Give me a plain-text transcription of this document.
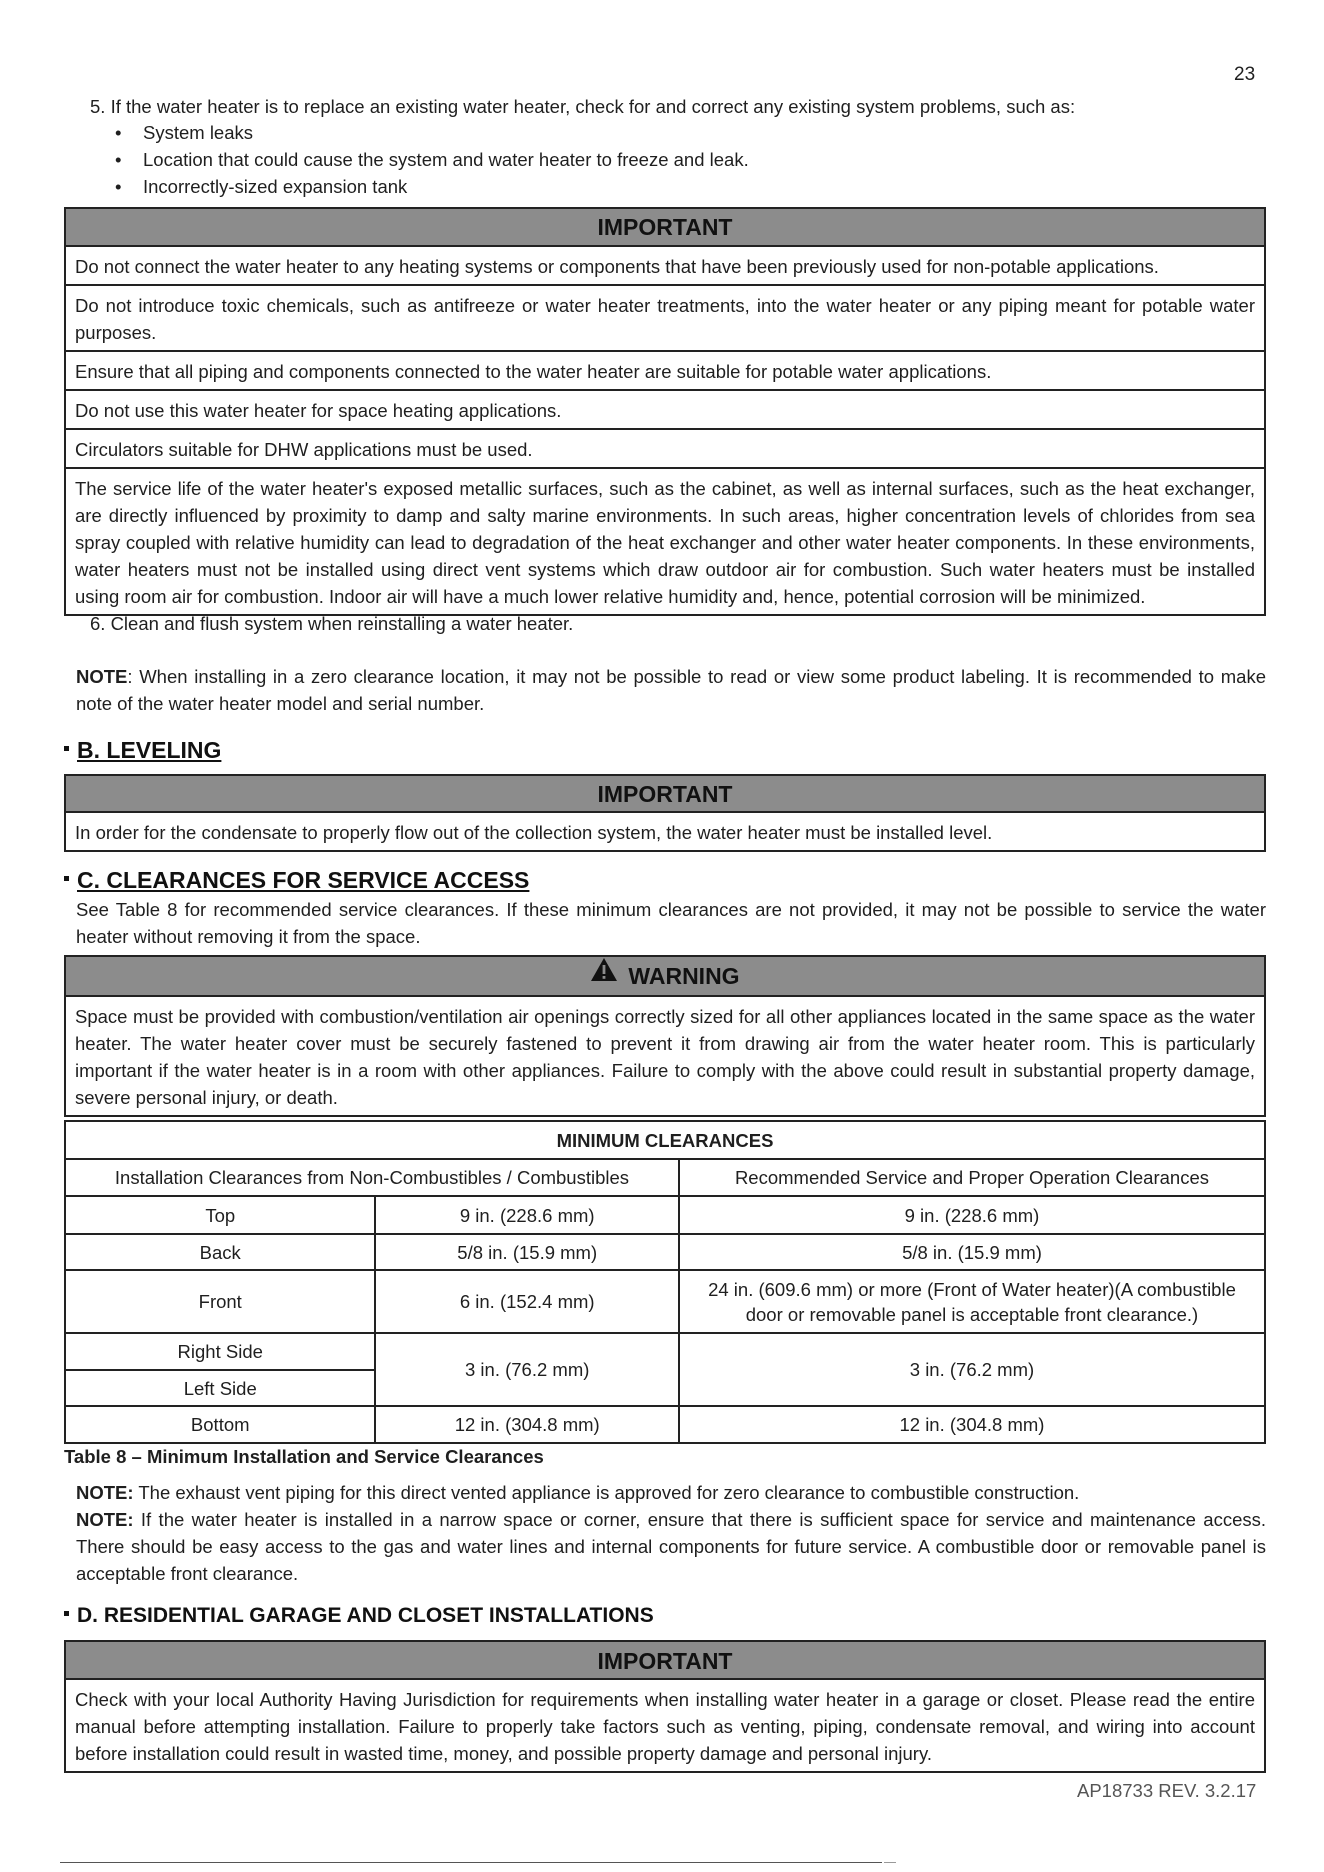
23
5. If the water heater is to replace an existing water heater, check for and correct any existing system problems, such as:
• System leaks
• Location that could cause the system and water heater to freeze and leak.
• Incorrectly-sized expansion tank
IMPORTANT
Do not connect the water heater to any heating systems or components that have been previously used for non-potable applications.
Do not introduce toxic chemicals, such as antifreeze or water heater treatments, into the water heater or any piping meant for potable water purposes.
Ensure that all piping and components connected to the water heater are suitable for potable water applications.
Do not use this water heater for space heating applications.
Circulators suitable for DHW applications must be used.
The service life of the water heater's exposed metallic surfaces, such as the cabinet, as well as internal surfaces, such as the heat exchanger, are directly influenced by proximity to damp and salty marine environments. In such areas, higher concentration levels of chlorides from sea spray coupled with relative humidity can lead to degradation of the heat exchanger and other water heater components. In these environments, water heaters must not be installed using direct vent systems which draw outdoor air for combustion. Such water heaters must be installed using room air for combustion. Indoor air will have a much lower relative humidity and, hence, potential corrosion will be minimized.
6. Clean and flush system when reinstalling a water heater.
NOTE: When installing in a zero clearance location, it may not be possible to read or view some product labeling. It is recommended to make note of the water heater model and serial number.
B. LEVELING
IMPORTANT
In order for the condensate to properly flow out of the collection system, the water heater must be installed level.
C. CLEARANCES FOR SERVICE ACCESS
See Table 8 for recommended service clearances. If these minimum clearances are not provided, it may not be possible to service the water heater without removing it from the space.
WARNING
Space must be provided with combustion/ventilation air openings correctly sized for all other appliances located in the same space as the water heater. The water heater cover must be securely fastened to prevent it from drawing air from the water heater room. This is particularly important if the water heater is in a room with other appliances. Failure to comply with the above could result in substantial property damage, severe personal injury, or death.
MINIMUM CLEARANCES		
Installation Clearances from Non-Combustibles / Combustibles		Recommended Service and Proper Operation Clearances
Top	9 in. (228.6 mm)	9 in. (228.6 mm)
Back	5/8 in. (15.9 mm)	5/8 in. (15.9 mm)
Front	6 in. (152.4 mm)	24 in. (609.6 mm) or more (Front of Water heater)(A combustible door or removable panel is acceptable front clearance.)
Right Side	3 in. (76.2 mm)	3 in. (76.2 mm)
Left Side		
Bottom	12 in. (304.8 mm)	12 in. (304.8 mm)
Table 8 – Minimum Installation and Service Clearances
NOTE: The exhaust vent piping for this direct vented appliance is approved for zero clearance to combustible construction.
NOTE: If the water heater is installed in a narrow space or corner, ensure that there is sufficient space for service and maintenance access. There should be easy access to the gas and water lines and internal components for future service. A combustible door or removable panel is acceptable front clearance.
D. RESIDENTIAL GARAGE AND CLOSET INSTALLATIONS
IMPORTANT
Check with your local Authority Having Jurisdiction for requirements when installing water heater in a garage or closet. Please read the entire manual before attempting installation. Failure to properly take factors such as venting, piping, condensate removal, and wiring into account before installation could result in wasted time, money, and possible property damage and personal injury.
AP18733 REV. 3.2.17
